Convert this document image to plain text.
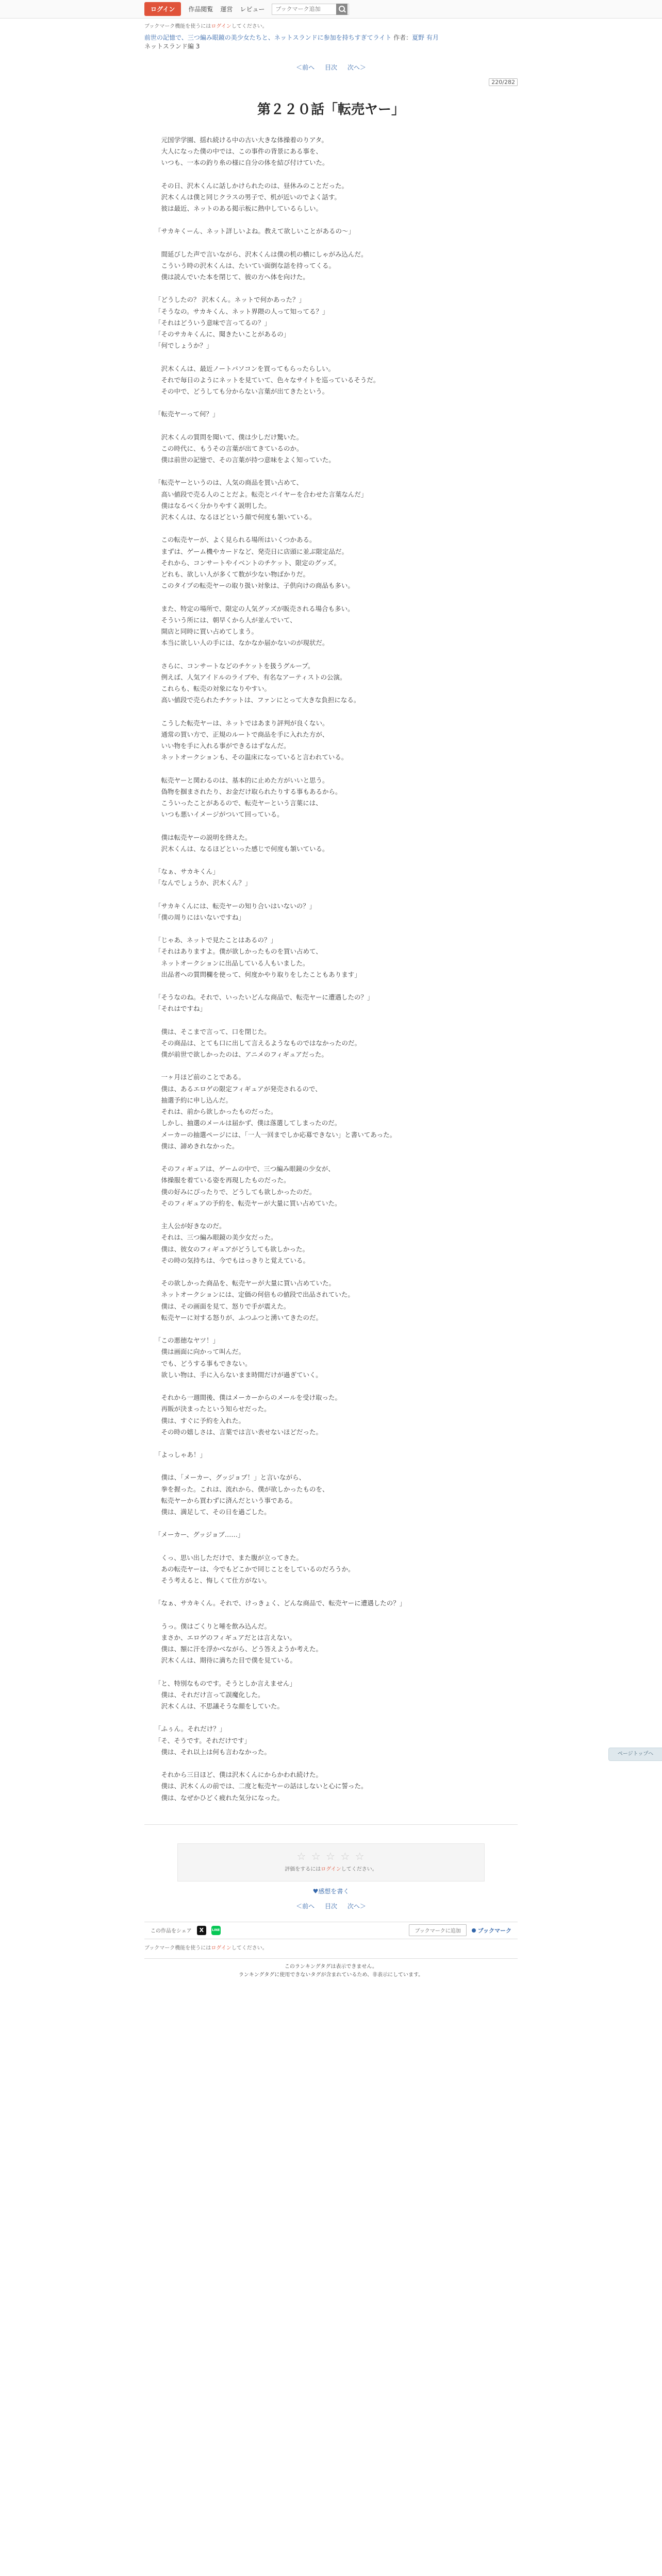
ログイン	作品閲覧 運営 レビュー
ブックマーク追加
ブックマーク機能を使うにはログインしてください。
前世の記憶で、三つ編み眼鏡の美少女たちと、ネットスランドに参加を持ちすぎてライト 作者：夏野 有月
ネットスランド編 3
＜前へ 目次 次へ＞
220/282
第２２０話「転売ヤー」
　元国学学園、揺れ続ける中の古い大きな体操着のりアタ。
　大人になった僕の中では、この事件の背景にある事を、
　いつも、一本の釣り糸の様に自分の体を結び付けていた。
　その日、沢木くんに話しかけられたのは、昼休みのことだった。
　沢木くんは僕と同じクラスの男子で、机が近いのでよく話す。
　彼は最近、ネットのある掲示板に熱中しているらしい。
「サカキくーん、ネット詳しいよね。教えて欲しいことがあるの～」
　間延びした声で言いながら、沢木くんは僕の机の横にしゃがみ込んだ。
　こういう時の沢木くんは、たいてい面倒な話を持ってくる。
　僕は読んでいた本を閉じて、彼の方へ体を向けた。
「どうしたの？ 沢木くん。ネットで何かあった？」
「そうなの。サカキくん、ネット界隈の人って知ってる？」
「それはどういう意味で言ってるの？」
「そのサカキくんに、聞きたいことがあるの」
「何でしょうか？」
　沢木くんは、最近ノートパソコンを買ってもらったらしい。
　それで毎日のようにネットを見ていて、色々なサイトを巡っているそうだ。
　その中で、どうしても分からない言葉が出てきたという。
「転売ヤーって何？」
　沢木くんの質問を聞いて、僕は少しだけ驚いた。
　この時代に、もうその言葉が出てきているのか。
　僕は前世の記憶で、その言葉が持つ意味をよく知っていた。
「転売ヤーというのは、人気の商品を買い占めて、
　高い値段で売る人のことだよ。転売とバイヤーを合わせた言葉なんだ」
　僕はなるべく分かりやすく説明した。
　沢木くんは、なるほどという顔で何度も頷いている。
　この転売ヤーが、よく見られる場所はいくつかある。
　まずは、ゲーム機やカードなど、発売日に店頭に並ぶ限定品だ。
　それから、コンサートやイベントのチケット、限定のグッズ。
　どれも、欲しい人が多くて数が少ない物ばかりだ。
　このタイプの転売ヤーの取り扱い対象は、子供向けの商品も多い。
　また、特定の場所で、限定の人気グッズが販売される場合も多い。
　そういう所には、朝早くから人が並んでいて、
　開店と同時に買い占めてしまう。
　本当に欲しい人の手には、なかなか届かないのが現状だ。
　さらに、コンサートなどのチケットを扱うグループ。
　例えば、人気アイドルのライブや、有名なアーティストの公演。
　これらも、転売の対象になりやすい。
　高い値段で売られたチケットは、ファンにとって大きな負担になる。
　こうした転売ヤーは、ネットではあまり評判が良くない。
　通常の買い方で、正規のルートで商品を手に入れた方が、
　いい物を手に入れる事ができるはずなんだ。
　ネットオークションも、その温床になっていると言われている。
　転売ヤーと関わるのは、基本的に止めた方がいいと思う。
　偽物を掴まされたり、お金だけ取られたりする事もあるから。
　こういったことがあるので、転売ヤーという言葉には、
　いつも悪いイメージがついて回っている。
　僕は転売ヤーの説明を終えた。
　沢木くんは、なるほどといった感じで何度も頷いている。
「なぁ、サカキくん」
「なんでしょうか、沢木くん？」
「サカキくんには、転売ヤーの知り合いはいないの？」
「僕の周りにはいないですね」
「じゃあ、ネットで見たことはあるの？」
「それはありますよ。僕が欲しかったものを買い占めて、
　ネットオークションに出品している人もいました。
　出品者への質問欄を使って、何度かやり取りをしたこともあります」
「そうなのね。それで、いったいどんな商品で、転売ヤーに遭遇したの？」
「それはですね」
　僕は、そこまで言って、口を閉じた。
　その商品は、とても口に出して言えるようなものではなかったのだ。
　僕が前世で欲しかったのは、アニメのフィギュアだった。
　一ヶ月ほど前のことである。
　僕は、あるエロゲの限定フィギュアが発売されるので、
　抽選予約に申し込んだ。
　それは、前から欲しかったものだった。
　しかし、抽選のメールは届かず、僕は落選してしまったのだ。
　メーカーの抽選ページには、「一人一回までしか応募できない」と書いてあった。
　僕は、諦めきれなかった。
　そのフィギュアは、ゲームの中で、三つ編み眼鏡の少女が、
　体操服を着ている姿を再現したものだった。
　僕の好みにぴったりで、どうしても欲しかったのだ。
　そのフィギュアの予約を、転売ヤーが大量に買い占めていた。
　主人公が好きなのだ。
　それは、三つ編み眼鏡の美少女だった。
　僕は、彼女のフィギュアがどうしても欲しかった。
　その時の気持ちは、今でもはっきりと覚えている。
　その欲しかった商品を、転売ヤーが大量に買い占めていた。
　ネットオークションには、定価の何倍もの値段で出品されていた。
　僕は、その画面を見て、怒りで手が震えた。
　転売ヤーに対する怒りが、ふつふつと湧いてきたのだ。
「この悪徳なヤツ！」
　僕は画面に向かって叫んだ。
　でも、どうする事もできない。
　欲しい物は、手に入らないまま時間だけが過ぎていく。
　それから一週間後、僕はメーカーからのメールを受け取った。
　再販が決まったという知らせだった。
　僕は、すぐに予約を入れた。
　その時の嬉しさは、言葉では言い表せないほどだった。
「よっしゃあ！」
　僕は、「メーカー、グッジョブ！」と言いながら、
　拳を握った。これは、流れから、僕が欲しかったものを、
　転売ヤーから買わずに済んだという事である。
　僕は、満足して、その日を過ごした。
「メーカー、グッジョブ……」
　くっ、思い出しただけで、また腹が立ってきた。
　あの転売ヤーは、今でもどこかで同じことをしているのだろうか。
　そう考えると、悔しくて仕方がない。
「なぁ、サカキくん。それで、けっきょく、どんな商品で、転売ヤーに遭遇したの？」
　うっ。僕はごくりと唾を飲み込んだ。
　まさか、エロゲのフィギュアだとは言えない。
　僕は、額に汗を浮かべながら、どう答えようか考えた。
　沢木くんは、期待に満ちた目で僕を見ている。
「と、特別なものです。そうとしか言えません」
　僕は、それだけ言って誤魔化した。
　沢木くんは、不思議そうな顔をしていた。
「ふぅん。それだけ？」
「そ、そうです。それだけです」
　僕は、それ以上は何も言わなかった。
　それから三日ほど、僕は沢木くんにからかわれ続けた。
　僕は、沢木くんの前では、二度と転売ヤーの話はしないと心に誓った。
　僕は、なぜかひどく疲れた気分になった。
☆ ☆ ☆ ☆ ☆
評価をするにはログインしてください。
♥感想を書く
＜前へ 目次 次へ＞
この作品をシェア	X	LINE	ブックマークに追加	ブックマーク
ブックマーク機能を使うにはログインしてください。
このランキングタグは表示できません。
ランキングタグに使用できないタグが含まれているため、非表示にしています。
ページトップへ
